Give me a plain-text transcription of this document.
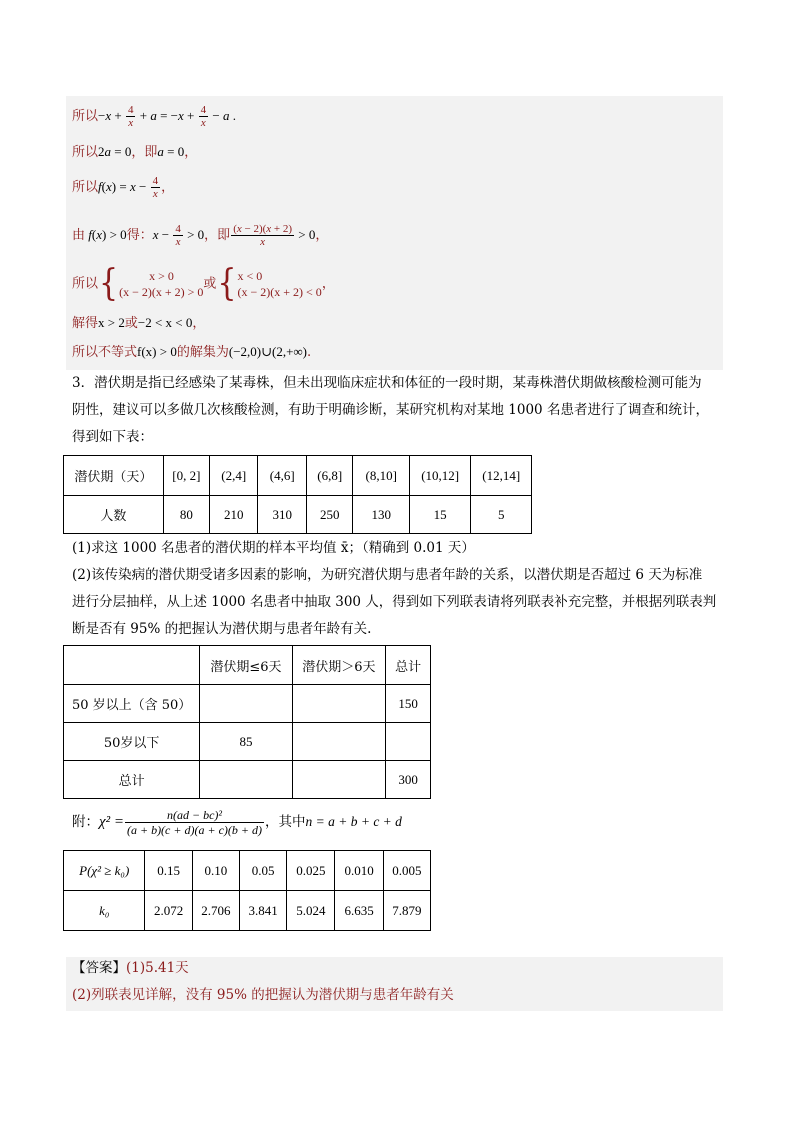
所以$-x + \frac{4}{x} + a = -x + \frac{4}{x} - a$ .
所以2a = 0，即a = 0，
所以$f(x) = x - \frac{4}{x}$ ，
由 f(x) > 0得：$x - \frac{4}{x} > 0$，即 $\frac{(x - 2)(x + 2)}{x} > 0$，
所以{	x > 0
(x − 2)(x + 2) > 0
或{ x < 0
(x − 2)(x + 2) < 0
，
解得x > 2或−2 < x < 0，
所以不等式f(x) > 0的解集为(−2,0)∪(2,+∞).
3．潜伏期是指已经感染了某毒株，但未出现临床症状和体征的一段时期，某毒株潜伏期做核酸检测可能为
阴性，建议可以多做几次核酸检测，有助于明确诊断，某研究机构对某地 1000 名患者进行了调查和统计，
得到如下表：
潜伏期（天）	[0, 2]	(2,4]	(4,6]	(6,8]	(8,10]	(10,12]	(12,14]
人数	80	210	310	250	130	15	5
(1)求这 1000 名患者的潜伏期的样本平均值 x̄；（精确到 0.01 天）
(2)该传染病的潜伏期受诸多因素的影响，为研究潜伏期与患者年龄的关系，以潜伏期是否超过 6 天为标准
进行分层抽样，从上述 1000 名患者中抽取 300 人，得到如下列联表请将列联表补充完整，并根据列联表判
断是否有 95% 的把握认为潜伏期与患者年龄有关.
	潜伏期≤6天	潜伏期＞6天	总计
50 岁以上（含 50）			150
50岁以下	85		
总计			300
附：$\chi^2 = \frac{\text{n(ad − bc)²}}{(a + b)(c + d)(a + c)(b + d)}$ ，其中n = a + b + c + d
P(χ² ≥ k₀)	0.15	0.10	0.05	0.025	0.010	0.005
k₀	2.072	2.706	3.841	5.024	6.635	7.879
【答案】(1)5.41天
(2)列联表见详解，没有 95% 的把握认为潜伏期与患者年龄有关
